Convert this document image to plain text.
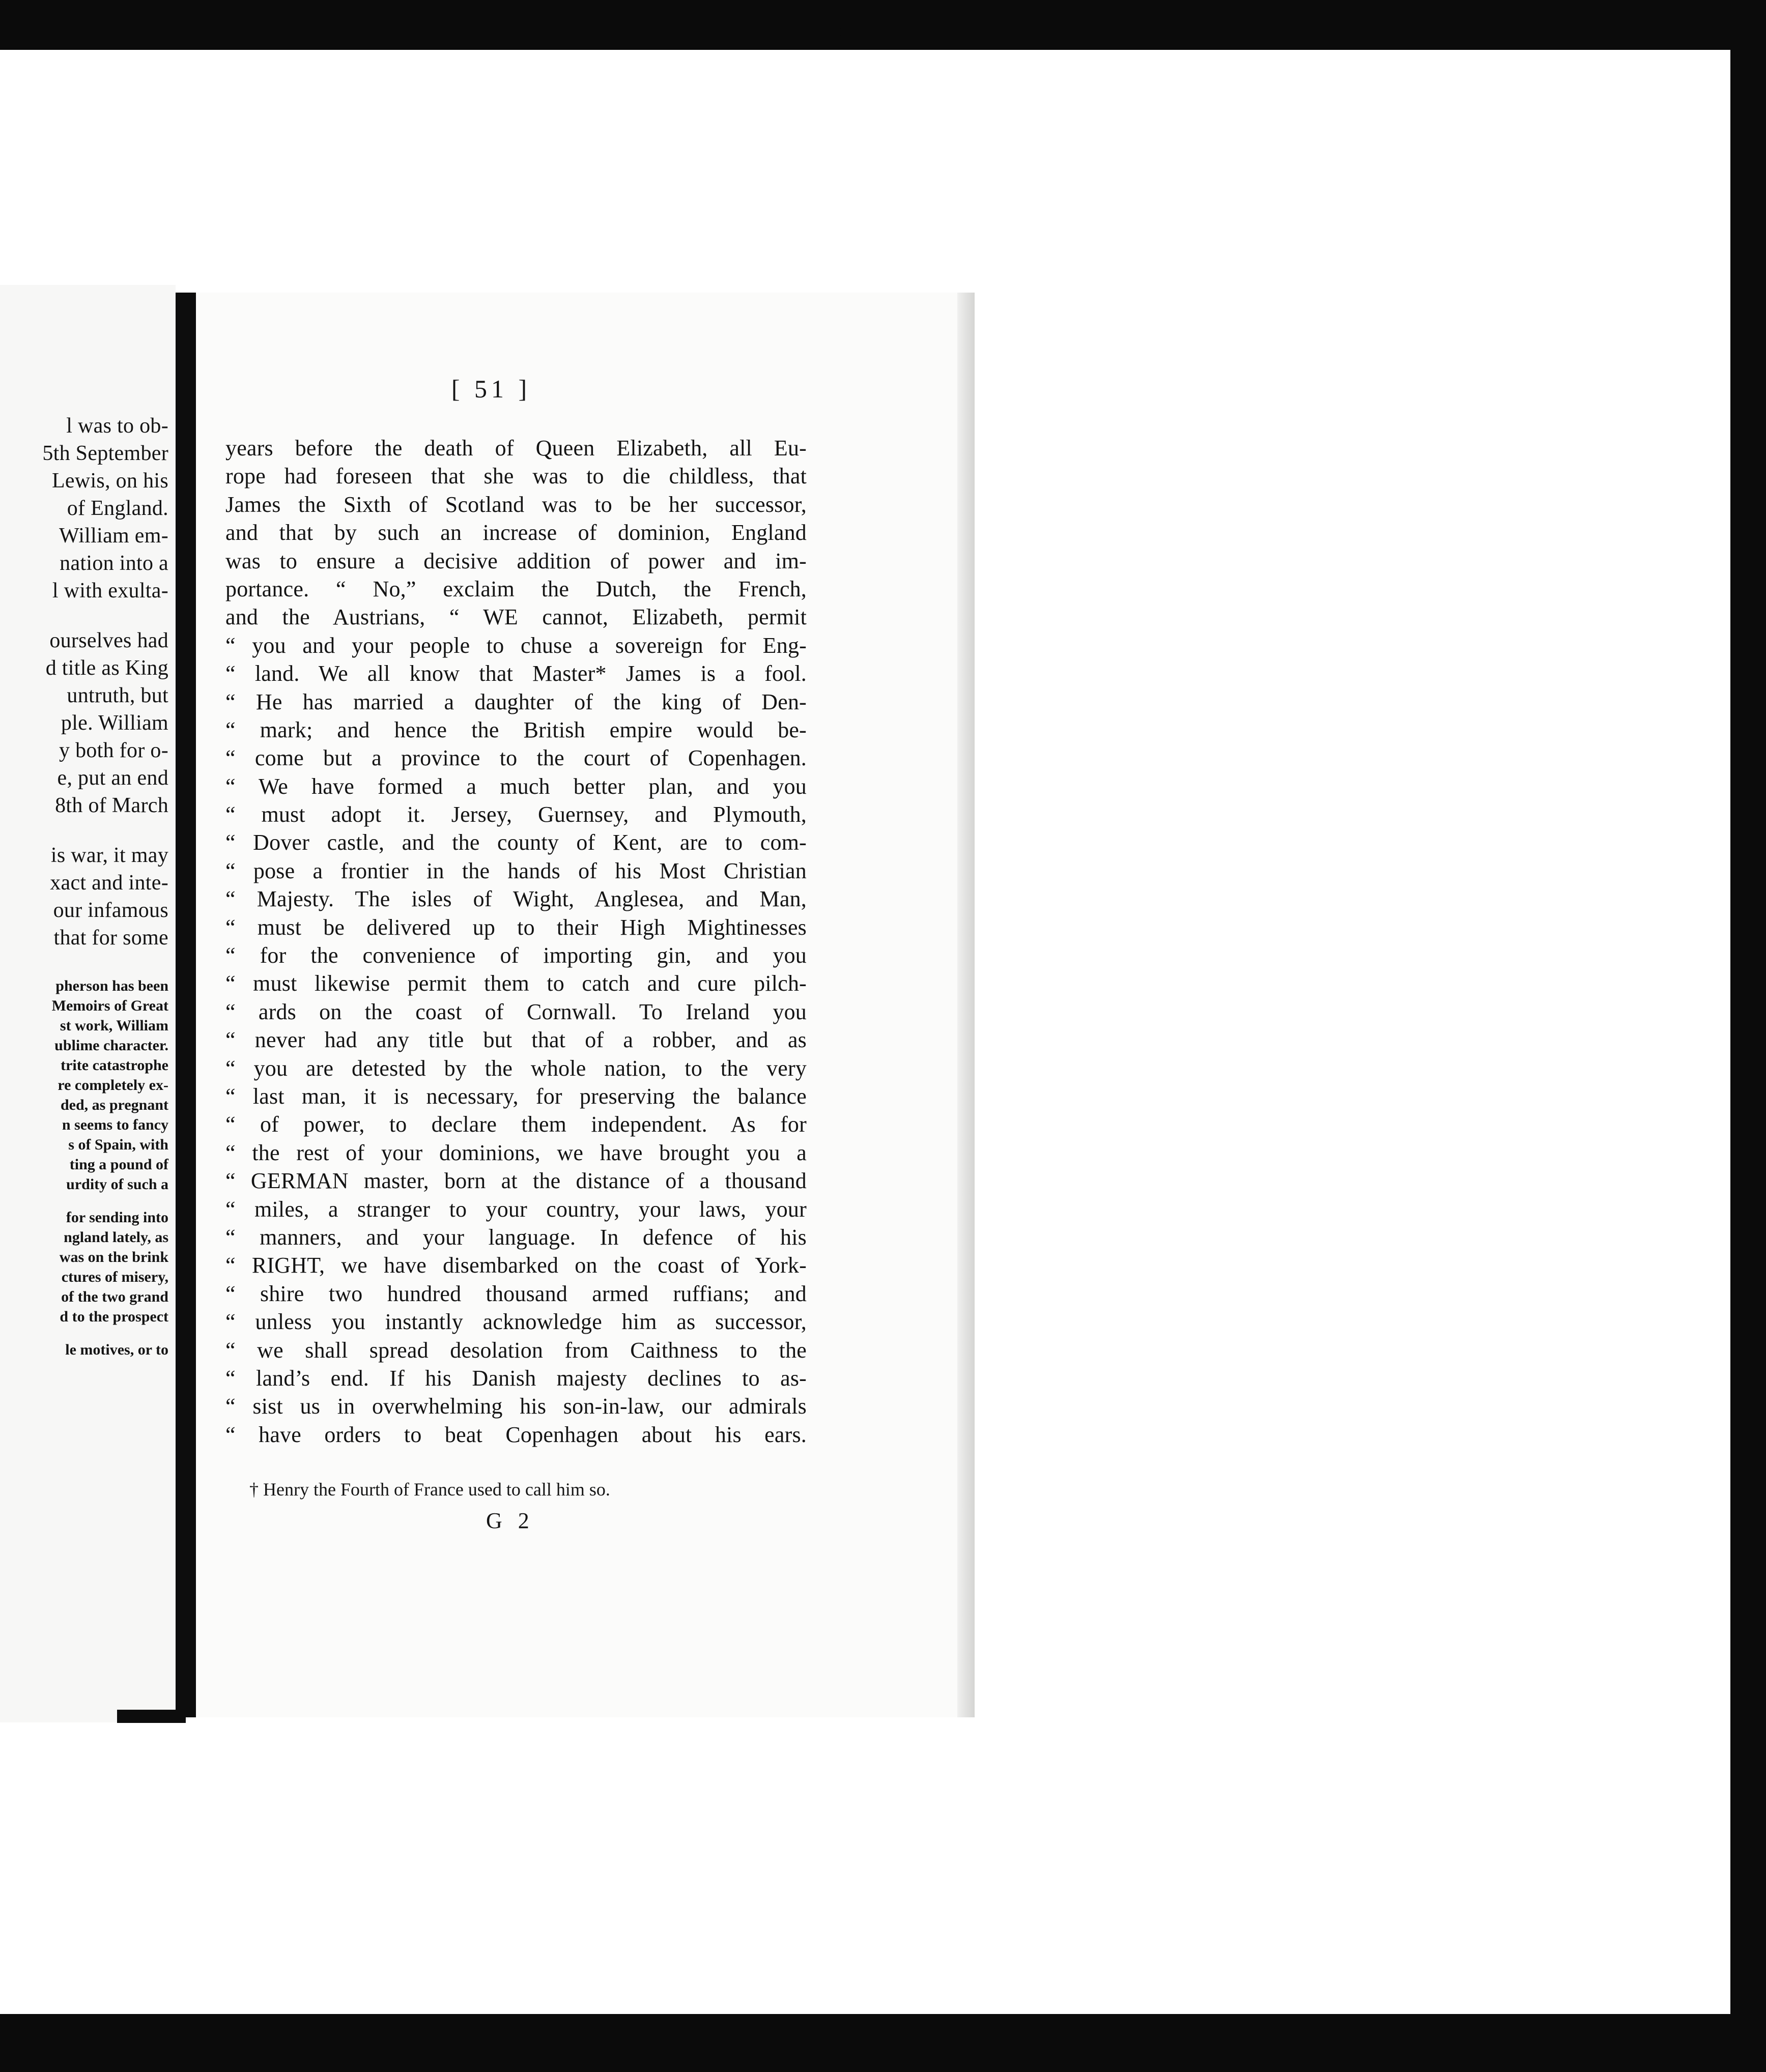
l was to ob-
5th September
Lewis, on his
of England.
William em-
nation into a
l with exulta-
ourselves had
d title as King
untruth, but
ple. William
y both for o-
e, put an end
8th of March
is war, it may
xact and inte-
our infamous
that for some
pherson has been
Memoirs of Great
st work, William
ublime character.
trite catastrophe
re completely ex-
ded, as pregnant
n seems to fancy
s of Spain, with
ting a pound of
urdity of such a
for sending into
ngland lately, as
was on the brink
ctures of misery,
of the two grand
d to the prospect
le motives, or to
[ 51 ]
years before the death of Queen Elizabeth, all Eu-
rope had foreseen that she was to die childless, that
James the Sixth of Scotland was to be her successor,
and that by such an increase of dominion, England
was to ensure a decisive addition of power and im-
portance. “ No,” exclaim the Dutch, the French,
and the Austrians, “ WE cannot, Elizabeth, permit
“ you and your people to chuse a sovereign for Eng-
“ land. We all know that Master* James is a fool.
“ He has married a daughter of the king of Den-
“ mark; and hence the British empire would be-
“ come but a province to the court of Copenhagen.
“ We have formed a much better plan, and you
“ must adopt it. Jersey, Guernsey, and Plymouth,
“ Dover castle, and the county of Kent, are to com-
“ pose a frontier in the hands of his Most Christian
“ Majesty. The isles of Wight, Anglesea, and Man,
“ must be delivered up to their High Mightinesses
“ for the convenience of importing gin, and you
“ must likewise permit them to catch and cure pilch-
“ ards on the coast of Cornwall. To Ireland you
“ never had any title but that of a robber, and as
“ you are detested by the whole nation, to the very
“ last man, it is necessary, for preserving the balance
“ of power, to declare them independent. As for
“ the rest of your dominions, we have brought you a
“ GERMAN master, born at the distance of a thousand
“ miles, a stranger to your country, your laws, your
“ manners, and your language. In defence of his
“ RIGHT, we have disembarked on the coast of York-
“ shire two hundred thousand armed ruffians; and
“ unless you instantly acknowledge him as successor,
“ we shall spread desolation from Caithness to the
“ land’s end. If his Danish majesty declines to as-
“ sist us in overwhelming his son-in-law, our admirals
“ have orders to beat Copenhagen about his ears.
† Henry the Fourth of France used to call him so.
G 2
